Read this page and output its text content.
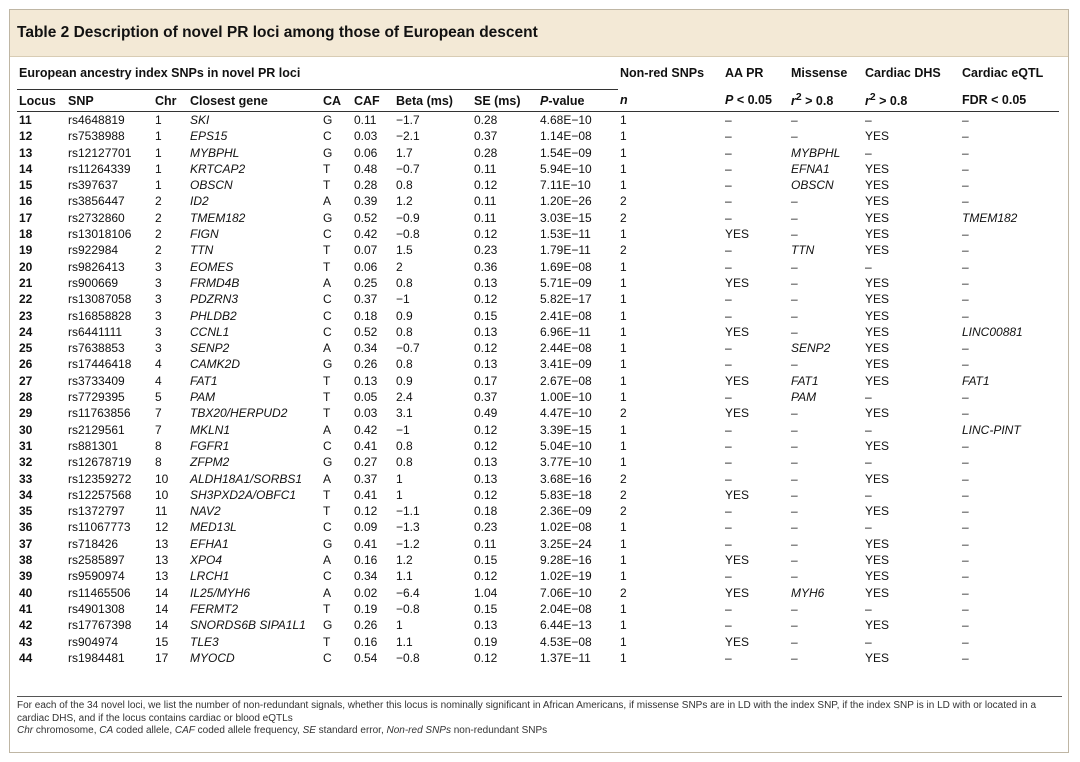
Table 2 Description of novel PR loci among those of European descent
European ancestry index SNPs in novel PR loci									Non-red SNPs	AA PR	Missense	Cardiac DHS	Cardiac eQTL
Locus	SNP	Chr	Closest gene	CA	CAF	Beta (ms)	SE (ms)	P-value	n	P < 0.05	$r^2 > 0.8$	$r^2 > 0.8$	FDR < 0.05
11	rs4648819	1	SKI	G	0.11	−1.7	0.28	4.68E−10	1	–	–	–	–
12	rs7538988	1	EPS15	C	0.03	−2.1	0.37	1.14E−08	1	–	–	YES	–
13	rs12127701	1	MYBPHL	G	0.06	1.7	0.28	1.54E−09	1	–	MYBPHL	–	–
14	rs11264339	1	KRTCAP2	T	0.48	−0.7	0.11	5.94E−10	1	–	EFNA1	YES	–
15	rs397637	1	OBSCN	T	0.28	0.8	0.12	7.11E−10	1	–	OBSCN	YES	–
16	rs3856447	2	ID2	A	0.39	1.2	0.11	1.20E−26	2	–	–	YES	–
17	rs2732860	2	TMEM182	G	0.52	−0.9	0.11	3.03E−15	2	–	–	YES	TMEM182
18	rs13018106	2	FIGN	C	0.42	−0.8	0.12	1.53E−11	1	YES	–	YES	–
19	rs922984	2	TTN	T	0.07	1.5	0.23	1.79E−11	2	–	TTN	YES	–
20	rs9826413	3	EOMES	T	0.06	2	0.36	1.69E−08	1	–	–	–	–
21	rs900669	3	FRMD4B	A	0.25	0.8	0.13	5.71E−09	1	YES	–	YES	–
22	rs13087058	3	PDZRN3	C	0.37	−1	0.12	5.82E−17	1	–	–	YES	–
23	rs16858828	3	PHLDB2	C	0.18	0.9	0.15	2.41E−08	1	–	–	YES	–
24	rs6441111	3	CCNL1	C	0.52	0.8	0.13	6.96E−11	1	YES	–	YES	LINC00881
25	rs7638853	3	SENP2	A	0.34	−0.7	0.12	2.44E−08	1	–	SENP2	YES	–
26	rs17446418	4	CAMK2D	G	0.26	0.8	0.13	3.41E−09	1	–	–	YES	–
27	rs3733409	4	FAT1	T	0.13	0.9	0.17	2.67E−08	1	YES	FAT1	YES	FAT1
28	rs7729395	5	PAM	T	0.05	2.4	0.37	1.00E−10	1	–	PAM	–	–
29	rs11763856	7	TBX20/HERPUD2	T	0.03	3.1	0.49	4.47E−10	2	YES	–	YES	–
30	rs2129561	7	MKLN1	A	0.42	−1	0.12	3.39E−15	1	–	–	–	LINC-PINT
31	rs881301	8	FGFR1	C	0.41	0.8	0.12	5.04E−10	1	–	–	YES	–
32	rs12678719	8	ZFPM2	G	0.27	0.8	0.13	3.77E−10	1	–	–	–	–
33	rs12359272	10	ALDH18A1/SORBS1	A	0.37	1	0.13	3.68E−16	2	–	–	YES	–
34	rs12257568	10	SH3PXD2A/OBFC1	T	0.41	1	0.12	5.83E−18	2	YES	–	–	–
35	rs1372797	11	NAV2	T	0.12	−1.1	0.18	2.36E−09	2	–	–	YES	–
36	rs11067773	12	MED13L	C	0.09	−1.3	0.23	1.02E−08	1	–	–	–	–
37	rs718426	13	EFHA1	G	0.41	−1.2	0.11	3.25E−24	1	–	–	YES	–
38	rs2585897	13	XPO4	A	0.16	1.2	0.15	9.28E−16	1	YES	–	YES	–
39	rs9590974	13	LRCH1	C	0.34	1.1	0.12	1.02E−19	1	–	–	YES	–
40	rs11465506	14	IL25/MYH6	A	0.02	−6.4	1.04	7.06E−10	2	YES	MYH6	YES	–
41	rs4901308	14	FERMT2	T	0.19	−0.8	0.15	2.04E−08	1	–	–	–	–
42	rs17767398	14	SNORDS6B SIPA1L1	G	0.26	1	0.13	6.44E−13	1	–	–	YES	–
43	rs904974	15	TLE3	T	0.16	1.1	0.19	4.53E−08	1	YES	–	–	–
44	rs1984481	17	MYOCD	C	0.54	−0.8	0.12	1.37E−11	1	–	–	YES	–
For each of the 34 novel loci, we list the number of non-redundant signals, whether this locus is nominally significant in African Americans, if missense SNPs are in LD with the index SNP, if the index SNP is in LD with or located in a cardiac DHS, and if the locus contains cardiac or blood eQTLs
Chr chromosome, CA coded allele, CAF coded allele frequency, SE standard error, Non-red SNPs non-redundant SNPs
